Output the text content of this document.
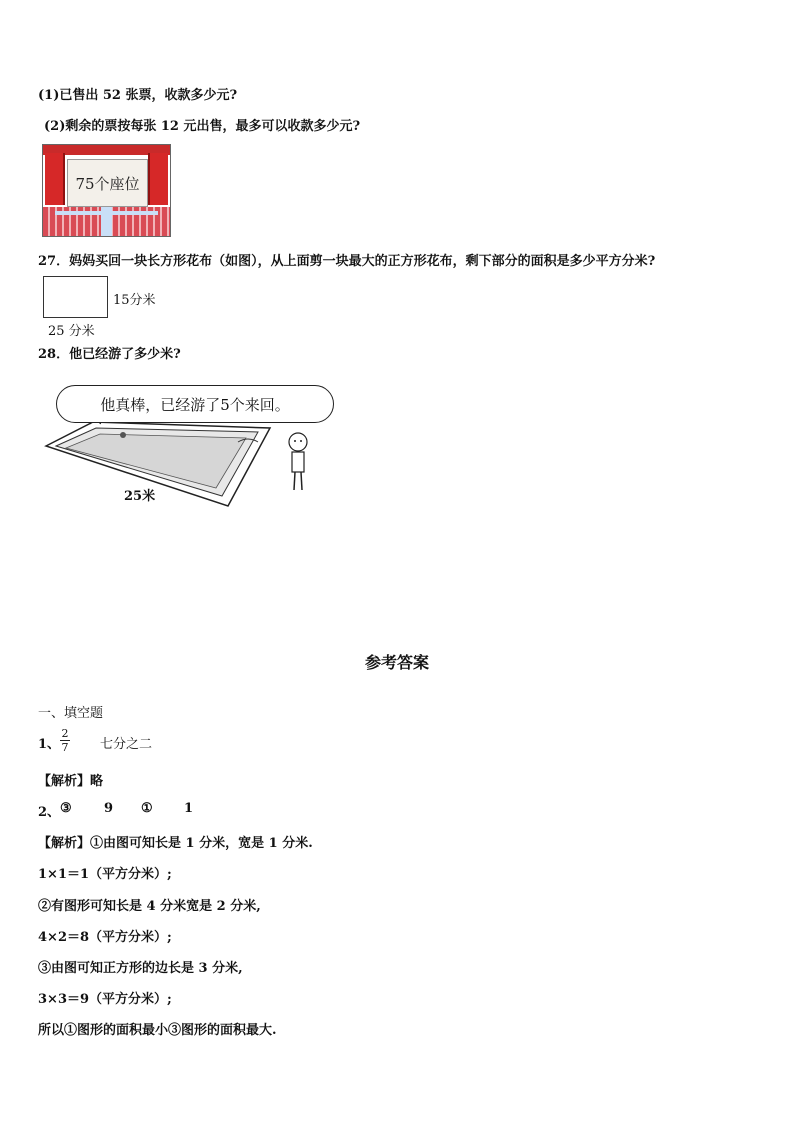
(1)已售出 52 张票，收款多少元?
(2)剩余的票按每张 12 元出售，最多可以收款多少元?
75个座位
27．妈妈买回一块长方形花布（如图），从上面剪一块最大的正方形花布，剩下部分的面积是多少平方分米?
15分米
25 分米
28．他已经游了多少米?
他真棒，已经游了5个来回。
25米
参考答案
一、填空题
1、 $\frac{2}{7}$ 七分之二
【解析】略
2、 ③ 9 ① 1
【解析】①由图可知长是 1 分米，宽是 1 分米.
1×1＝1（平方分米）;
②有图形可知长是 4 分米宽是 2 分米,
4×2＝8（平方分米）;
③由图可知正方形的边长是 3 分米,
3×3＝9（平方分米）;
所以①图形的面积最小③图形的面积最大.
